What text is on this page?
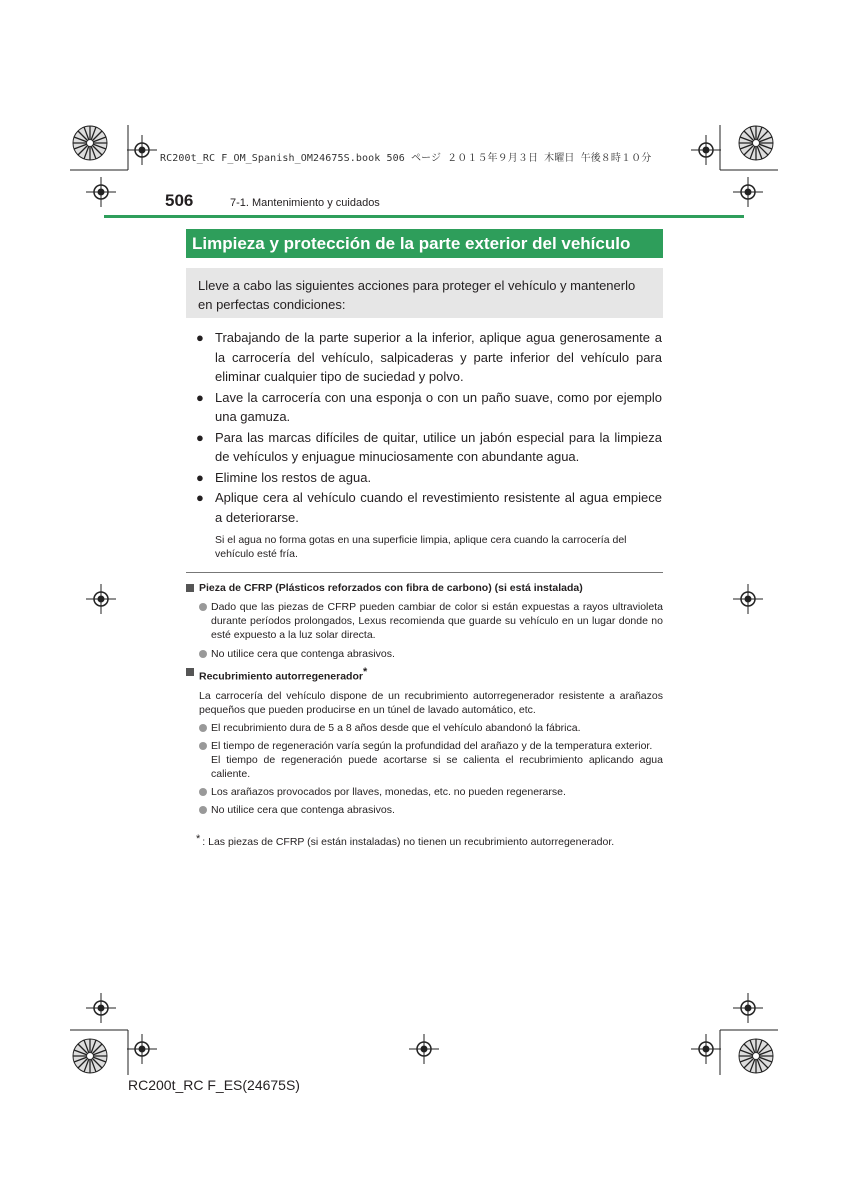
RC200t_RC F_OM_Spanish_OM24675S.book 506 ページ ２０１５年９月３日 木曜日 午後８時１０分
506	7-1. Mantenimiento y cuidados
Limpieza y protección de la parte exterior del vehículo
Lleve a cabo las siguientes acciones para proteger el vehículo y mantenerlo
en perfectas condiciones:
● Trabajando de la parte superior a la inferior, aplique agua generosamente a la carrocería del vehículo, salpicaderas y parte inferior del vehículo para eliminar cualquier tipo de suciedad y polvo.
● Lave la carrocería con una esponja o con un paño suave, como por ejemplo una gamuza.
● Para las marcas difíciles de quitar, utilice un jabón especial para la limpieza de vehículos y enjuague minuciosamente con abundante agua.
● Elimine los restos de agua.
● Aplique cera al vehículo cuando el revestimiento resistente al agua empiece a deteriorarse.
Si el agua no forma gotas en una superficie limpia, aplique cera cuando la carrocería del vehículo esté fría.
Pieza de CFRP (Plásticos reforzados con fibra de carbono) (si está instalada)
Dado que las piezas de CFRP pueden cambiar de color si están expuestas a rayos ultravioleta durante períodos prolongados, Lexus recomienda que guarde su vehículo en un lugar donde no esté expuesto a la luz solar directa.
No utilice cera que contenga abrasivos.
Recubrimiento autorregenerador*
La carrocería del vehículo dispone de un recubrimiento autorregenerador resistente a arañazos pequeños que pueden producirse en un túnel de lavado automático, etc.
El recubrimiento dura de 5 a 8 años desde que el vehículo abandonó la fábrica.
El tiempo de regeneración varía según la profundidad del arañazo y de la temperatura exterior.
El tiempo de regeneración puede acortarse si se calienta el recubrimiento aplicando agua caliente.
Los arañazos provocados por llaves, monedas, etc. no pueden regenerarse.
No utilice cera que contenga abrasivos.
* : Las piezas de CFRP (si están instaladas) no tienen un recubrimiento autorregenerador.
RC200t_RC F_ES(24675S)
